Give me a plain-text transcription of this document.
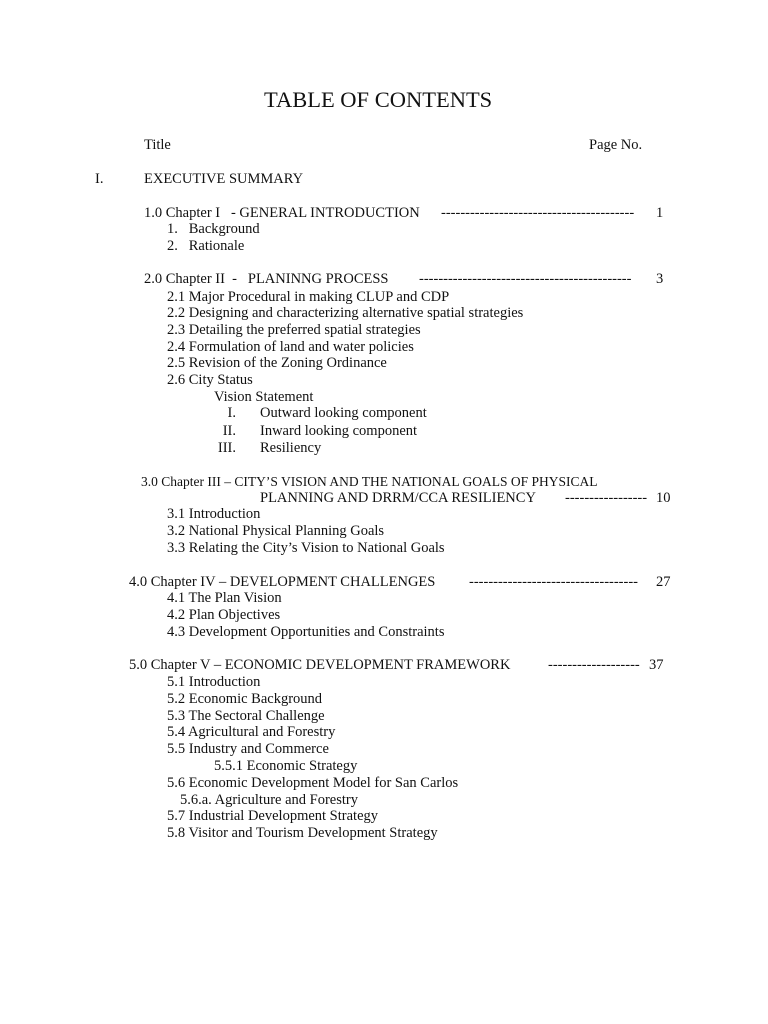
TABLE OF CONTENTS
Title	Page No.
I.	EXECUTIVE SUMMARY
1.0 Chapter I   - GENERAL INTRODUCTION ---------------------------------------- 1
1.   Background
2.   Rationale
2.0 Chapter II  -   PLANINNG PROCESS -------------------------------------------- 3
2.1 Major Procedural in making CLUP and CDP
2.2 Designing and characterizing alternative spatial strategies
2.3 Detailing the preferred spatial strategies
2.4 Formulation of land and water policies
2.5 Revision of the Zoning Ordinance
2.6 City Status
Vision Statement
I. Outward looking component
II. Inward looking component
III. Resiliency
3.0 Chapter III – CITY’S VISION AND THE NATIONAL GOALS OF PHYSICAL
PLANNING AND DRRM/CCA RESILIENCY ----------------- 10
3.1 Introduction
3.2 National Physical Planning Goals
3.3 Relating the City’s Vision to National Goals
4.0 Chapter IV – DEVELOPMENT CHALLENGES ----------------------------------- 27
4.1 The Plan Vision
4.2 Plan Objectives
4.3 Development Opportunities and Constraints
5.0 Chapter V – ECONOMIC DEVELOPMENT FRAMEWORK	------------------- 37
5.1 Introduction
5.2 Economic Background
5.3 The Sectoral Challenge
5.4 Agricultural and Forestry
5.5 Industry and Commerce
5.5.1 Economic Strategy
5.6 Economic Development Model for San Carlos
5.6.a. Agriculture and Forestry
5.7 Industrial Development Strategy
5.8 Visitor and Tourism Development Strategy
